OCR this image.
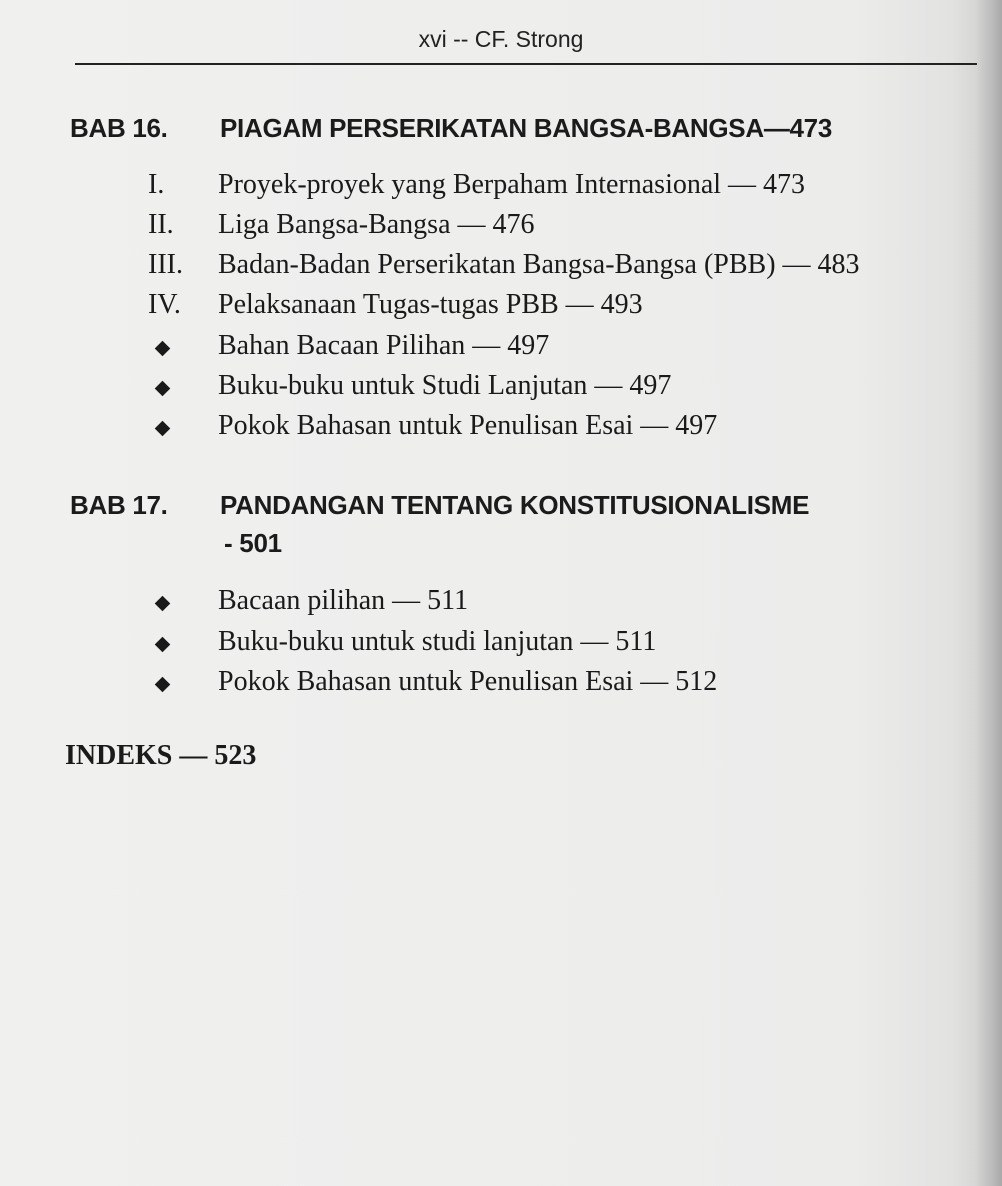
xvi -- CF. Strong
BAB 16. PIAGAM PERSERIKATAN BANGSA-BANGSA—473
I. Proyek-proyek yang Berpaham Internasional — 473
II. Liga Bangsa-Bangsa — 476
III. Badan-Badan Perserikatan Bangsa-Bangsa (PBB) — 483
IV. Pelaksanaan Tugas-tugas PBB — 493
Bahan Bacaan Pilihan — 497
Buku-buku untuk Studi Lanjutan — 497
Pokok Bahasan untuk Penulisan Esai — 497
BAB 17. PANDANGAN TENTANG KONSTITUSIONALISME
- 501
Bacaan pilihan — 511
Buku-buku untuk studi lanjutan — 511
Pokok Bahasan untuk Penulisan Esai — 512
INDEKS — 523
